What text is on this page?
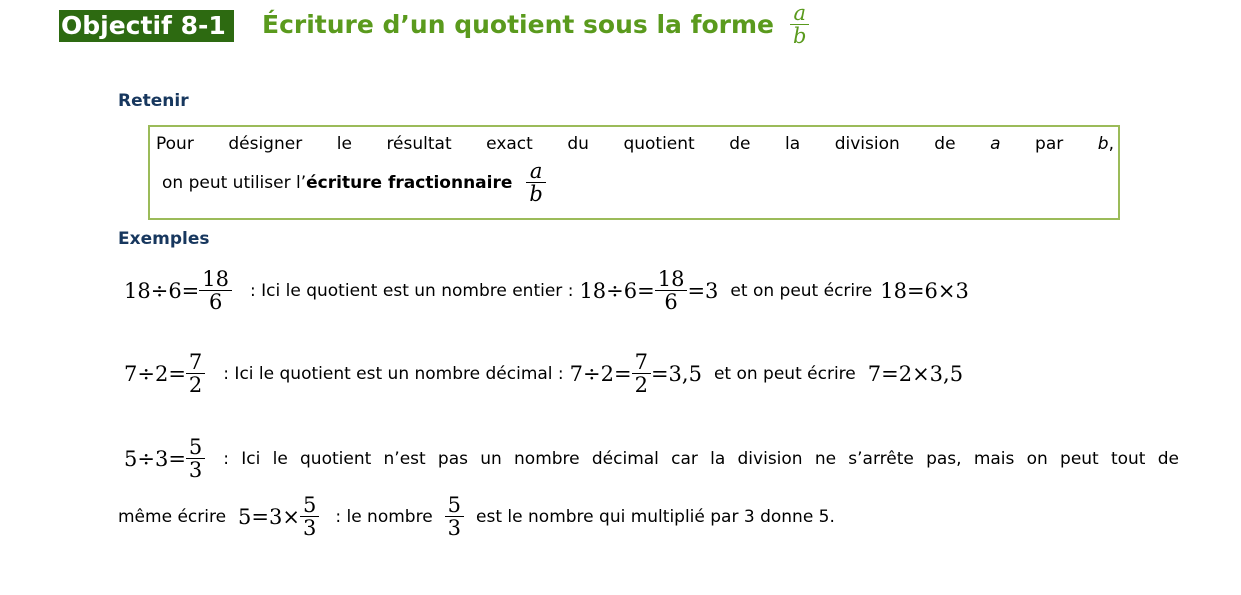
Objectif 8-1	Écriture d’un quotient sous la forme $\frac{a}{b}$
Retenir
Pour désigner le résultat exact du quotient de la division de a par b,
on peut utiliser l’ écriture fractionnaire $\frac{a}{b}$
Exemples
$18\div 6= \frac{18}{6}$ : Ici le quotient est un nombre entier : $18\div 6= \frac{18}{6} =3$ et on peut écrire 18=6×3
$7\div 2= \frac{7}{2}$ : Ici le quotient est un nombre décimal : $7\div 2= \frac{7}{2} =3,5$ et on peut écrire 7=2×3,5
$5\div 3= \frac{5}{3}$ : Ici le quotient n’est pas un nombre décimal car la division ne s’arrête pas, mais on peut tout de
même écrire $5=3\times \frac{5}{3}$ : le nombre $\frac{5}{3}$ est le nombre qui multiplié par 3 donne 5.
